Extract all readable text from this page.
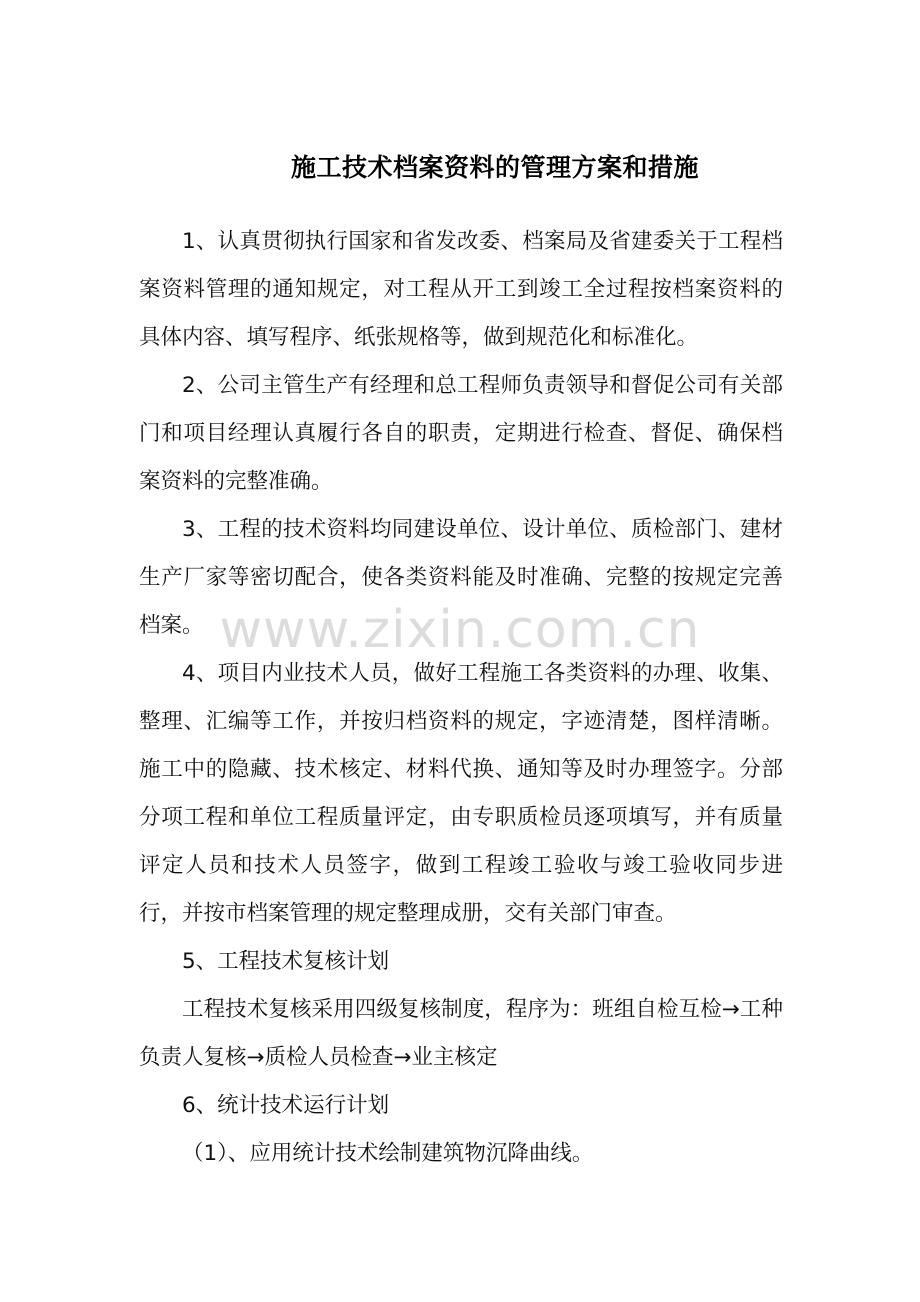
施工技术档案资料的管理方案和措施

1、认真贯彻执行国家和省发改委、档案局及省建委关于工程档案资料管理的通知规定，对工程从开工到竣工全过程按档案资料的具体内容、填写程序、纸张规格等，做到规范化和标准化。

2、公司主管生产有经理和总工程师负责领导和督促公司有关部门和项目经理认真履行各自的职责，定期进行检查、督促、确保档案资料的完整准确。

3、工程的技术资料均同建设单位、设计单位、质检部门、建材生产厂家等密切配合，使各类资料能及时准确、完整的按规定完善档案。

4、项目内业技术人员，做好工程施工各类资料的办理、收集、整理、汇编等工作，并按归档资料的规定，字迹清楚，图样清晰。施工中的隐藏、技术核定、材料代换、通知等及时办理签字。分部分项工程和单位工程质量评定，由专职质检员逐项填写，并有质量评定人员和技术人员签字，做到工程竣工验收与竣工验收同步进行，并按市档案管理的规定整理成册，交有关部门审查。

5、工程技术复核计划

工程技术复核采用四级复核制度，程序为：班组自检互检→工种负责人复核→质检人员检查→业主核定

6、统计技术运行计划

（1）、应用统计技术绘制建筑物沉降曲线。

www.zixin.com.cn
